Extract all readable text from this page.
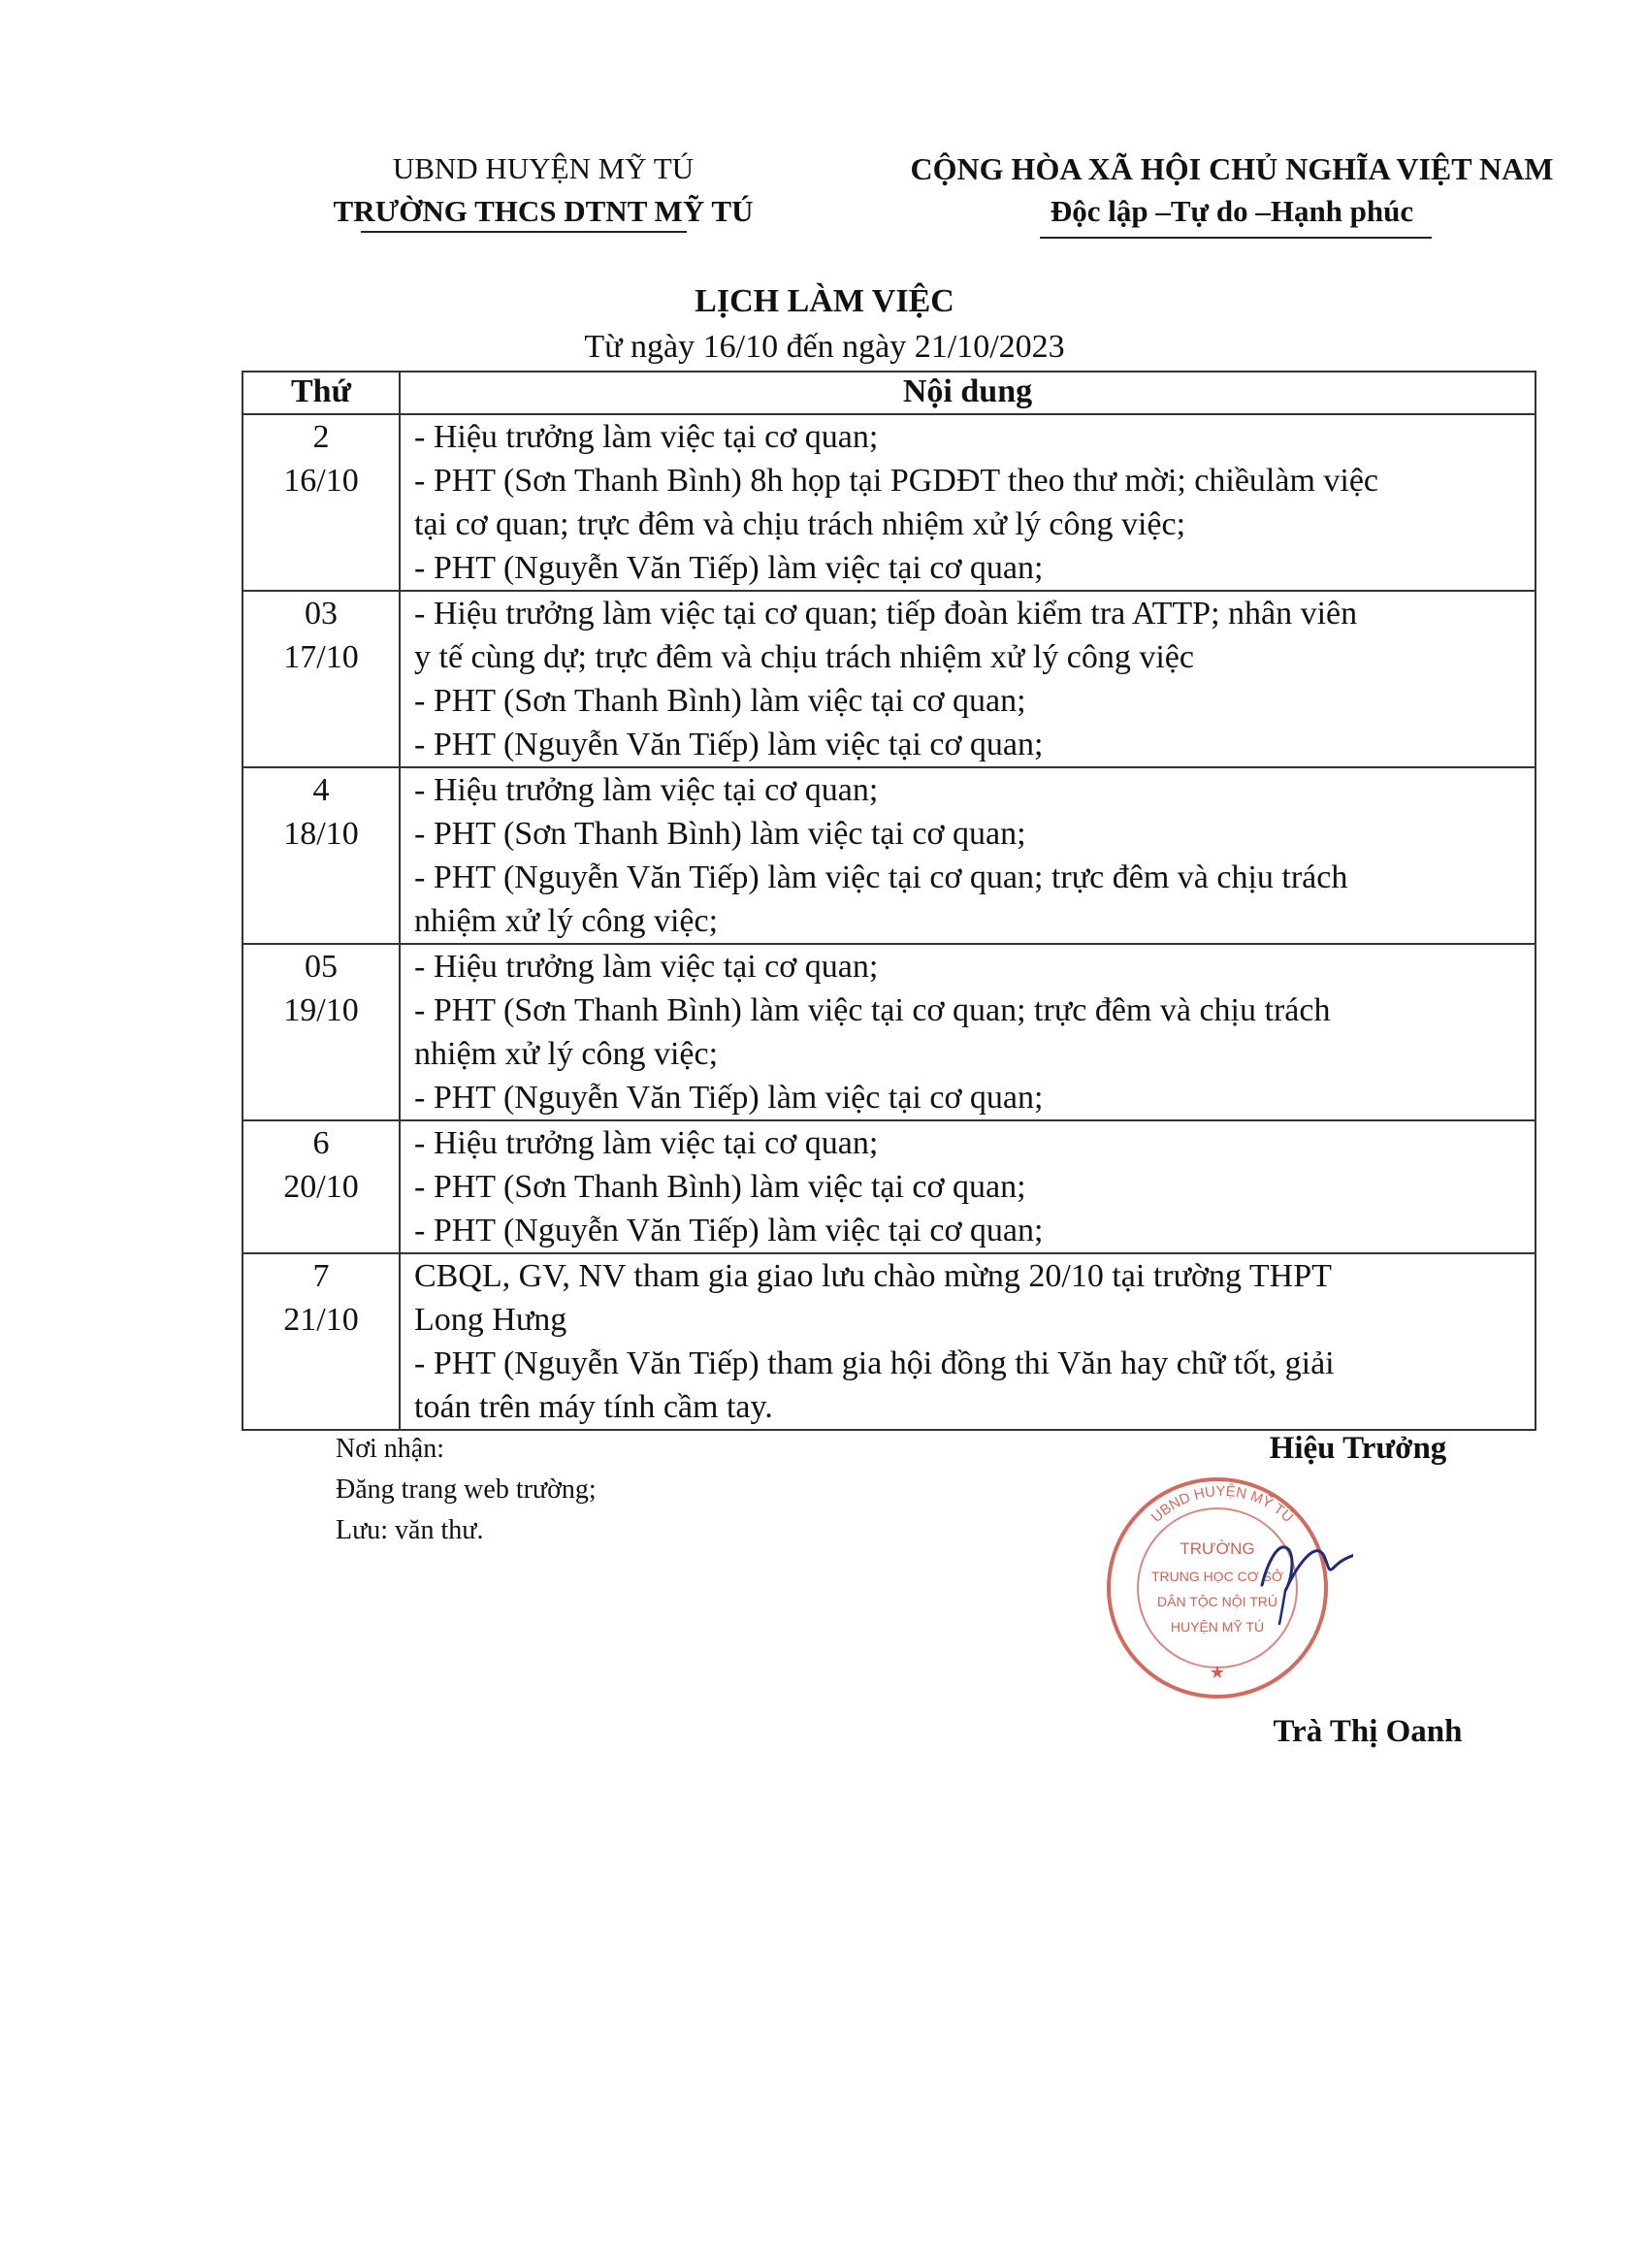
UBND HUYỆN MỸ TÚ
TRƯỜNG THCS DTNT MỸ TÚ
CỘNG HÒA XÃ HỘI CHỦ NGHĨA VIỆT NAM
Độc lập –Tự do –Hạnh phúc
LỊCH LÀM VIỆC
Từ ngày 16/10 đến ngày 21/10/2023
Thứ	Nội dung

2
16/10	- Hiệu trưởng làm việc tại cơ quan;
- PHT (Sơn Thanh Bình) 8h họp tại PGDĐT theo thư mời; chiềulàm việc
tại cơ quan; trực đêm và chịu trách nhiệm xử lý công việc;
- PHT (Nguyễn Văn Tiếp) làm việc tại cơ quan;

03
17/10	- Hiệu trưởng làm việc tại cơ quan; tiếp đoàn kiểm tra ATTP; nhân viên
y tế cùng dự; trực đêm và chịu trách nhiệm xử lý công việc
- PHT (Sơn Thanh Bình) làm việc tại cơ quan;
- PHT (Nguyễn Văn Tiếp) làm việc tại cơ quan;

4
18/10	- Hiệu trưởng làm việc tại cơ quan;
- PHT (Sơn Thanh Bình) làm việc tại cơ quan;
- PHT (Nguyễn Văn Tiếp) làm việc tại cơ quan; trực đêm và chịu trách
nhiệm xử lý công việc;

05
19/10	- Hiệu trưởng làm việc tại cơ quan;
- PHT (Sơn Thanh Bình) làm việc tại cơ quan; trực đêm và chịu trách
nhiệm xử lý công việc;
- PHT (Nguyễn Văn Tiếp) làm việc tại cơ quan;

6
20/10	- Hiệu trưởng làm việc tại cơ quan;
- PHT (Sơn Thanh Bình) làm việc tại cơ quan;
- PHT (Nguyễn Văn Tiếp) làm việc tại cơ quan;

7
21/10	CBQL, GV, NV tham gia giao lưu chào mừng 20/10 tại trường THPT
Long Hưng
- PHT (Nguyễn Văn Tiếp) tham gia hội đồng thi Văn hay chữ tốt, giải
toán trên máy tính cầm tay.
Nơi nhận:
Đăng trang web trường;
Lưu: văn thư.
Hiệu Trưởng
UBND HUYỆN MỸ TÚ
TRƯỜNG
TRUNG HỌC CƠ SỞ
DÂN TỘC NỘI TRÚ
HUYỆN MỸ TÚ
★
Trà Thị Oanh
